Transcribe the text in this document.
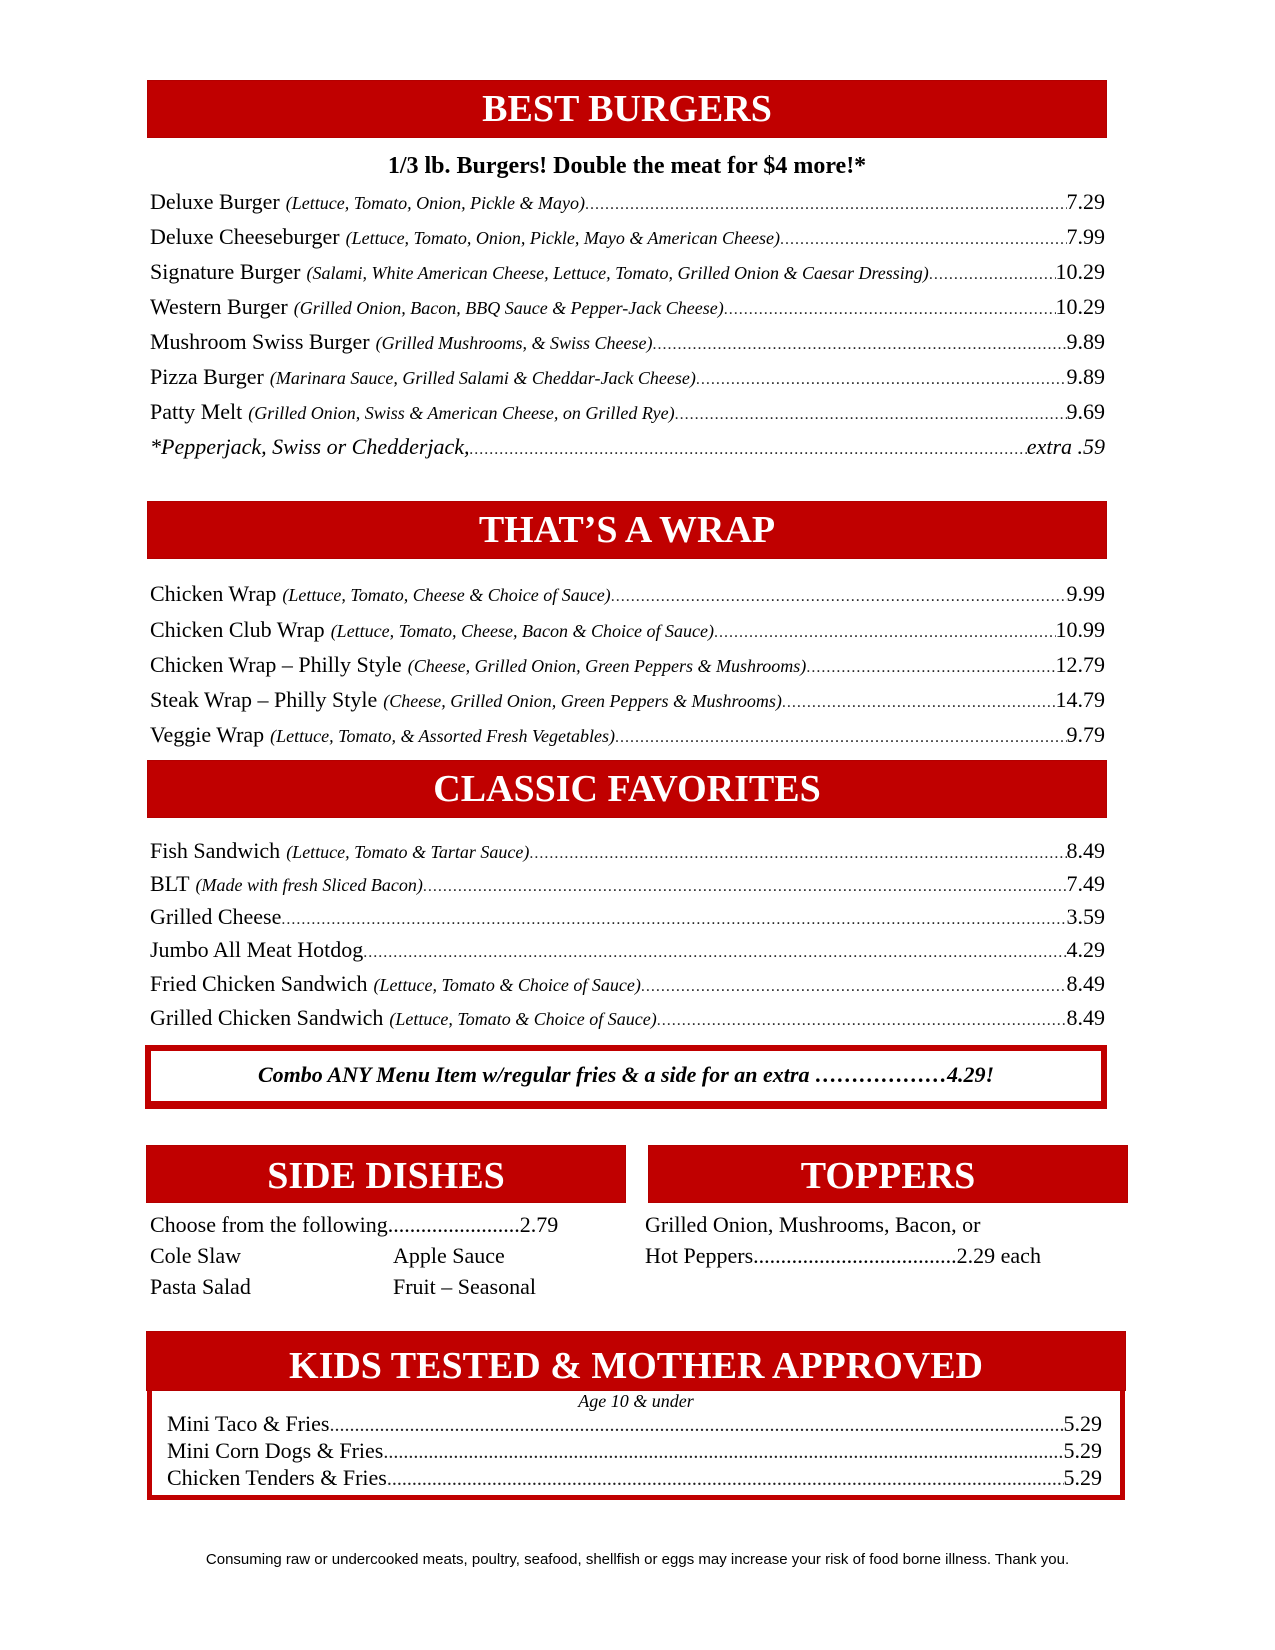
BEST BURGERS
1/3 lb. Burgers! Double the meat for $4 more!*
Deluxe Burger (Lettuce, Tomato, Onion, Pickle & Mayo) .....	7.29
Deluxe Cheeseburger (Lettuce, Tomato, Onion, Pickle, Mayo & American Cheese) .....	7.99
Signature Burger (Salami, White American Cheese, Lettuce, Tomato, Grilled Onion & Caesar Dressing) .....	10.29
Western Burger (Grilled Onion, Bacon, BBQ Sauce & Pepper-Jack Cheese) .....	10.29
Mushroom Swiss Burger (Grilled Mushrooms, & Swiss Cheese) .....	9.89
Pizza Burger (Marinara Sauce, Grilled Salami & Cheddar-Jack Cheese) .....	9.89
Patty Melt (Grilled Onion, Swiss & American Cheese, on Grilled Rye) .....	9.69
*Pepperjack, Swiss or Chedderjack, .....	extra .59
THAT’S A WRAP
Chicken Wrap (Lettuce, Tomato, Cheese & Choice of Sauce) .....	9.99
Chicken Club Wrap (Lettuce, Tomato, Cheese, Bacon & Choice of Sauce) .....	10.99
Chicken Wrap – Philly Style (Cheese, Grilled Onion, Green Peppers & Mushrooms) .....	12.79
Steak Wrap – Philly Style (Cheese, Grilled Onion, Green Peppers & Mushrooms) .....	14.79
Veggie Wrap (Lettuce, Tomato, & Assorted Fresh Vegetables) .....	9.79
CLASSIC FAVORITES
Fish Sandwich (Lettuce, Tomato & Tartar Sauce) .....	8.49
BLT (Made with fresh Sliced Bacon) .....	7.49
Grilled Cheese .....	3.59
Jumbo All Meat Hotdog .....	4.29
Fried Chicken Sandwich (Lettuce, Tomato & Choice of Sauce) .....	8.49
Grilled Chicken Sandwich (Lettuce, Tomato & Choice of Sauce) .....	8.49
Combo ANY Menu Item w/regular fries & a side for an extra ………………4.29!
SIDE DISHES
Choose from the following........................2.79
Cole Slaw	Apple Sauce
Pasta Salad	Fruit – Seasonal
TOPPERS
Grilled Onion, Mushrooms, Bacon, or
Hot Peppers.....................................2.29 each
KIDS TESTED & MOTHER APPROVED
Age 10 & under
Mini Taco & Fries .....	5.29
Mini Corn Dogs & Fries .....	5.29
Chicken Tenders & Fries .....	5.29
Consuming raw or undercooked meats, poultry, seafood, shellfish or eggs may increase your risk of food borne illness. Thank you.
